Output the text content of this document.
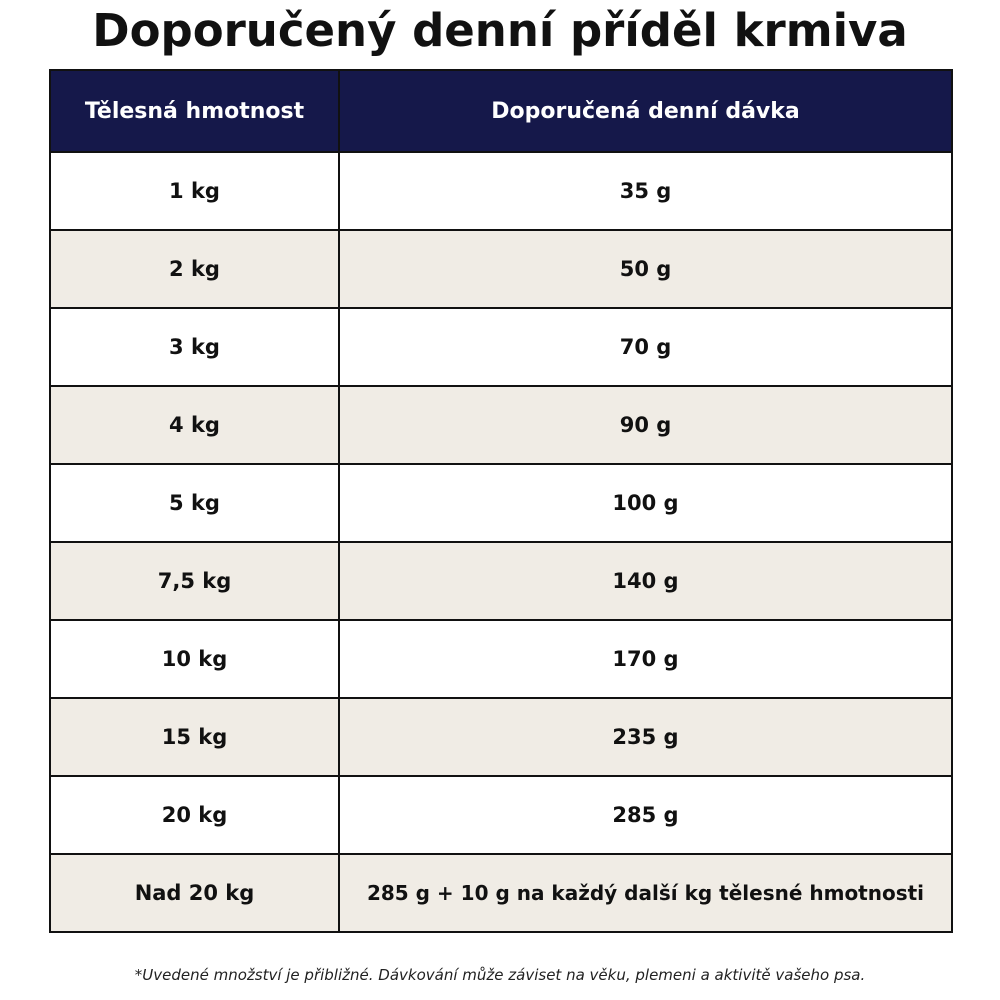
Doporučený denní příděl krmiva
Tělesná hmotnost	Doporučená denní dávka
1 kg	35 g
2 kg	50 g
3 kg	70 g
4 kg	90 g
5 kg	100 g
7,5 kg	140 g
10 kg	170 g
15 kg	235 g
20 kg	285 g
Nad 20 kg	285 g + 10 g na každý další kg tělesné hmotnosti
*Uvedené množství je přibližné. Dávkování může záviset na věku, plemeni a aktivitě vašeho psa.
